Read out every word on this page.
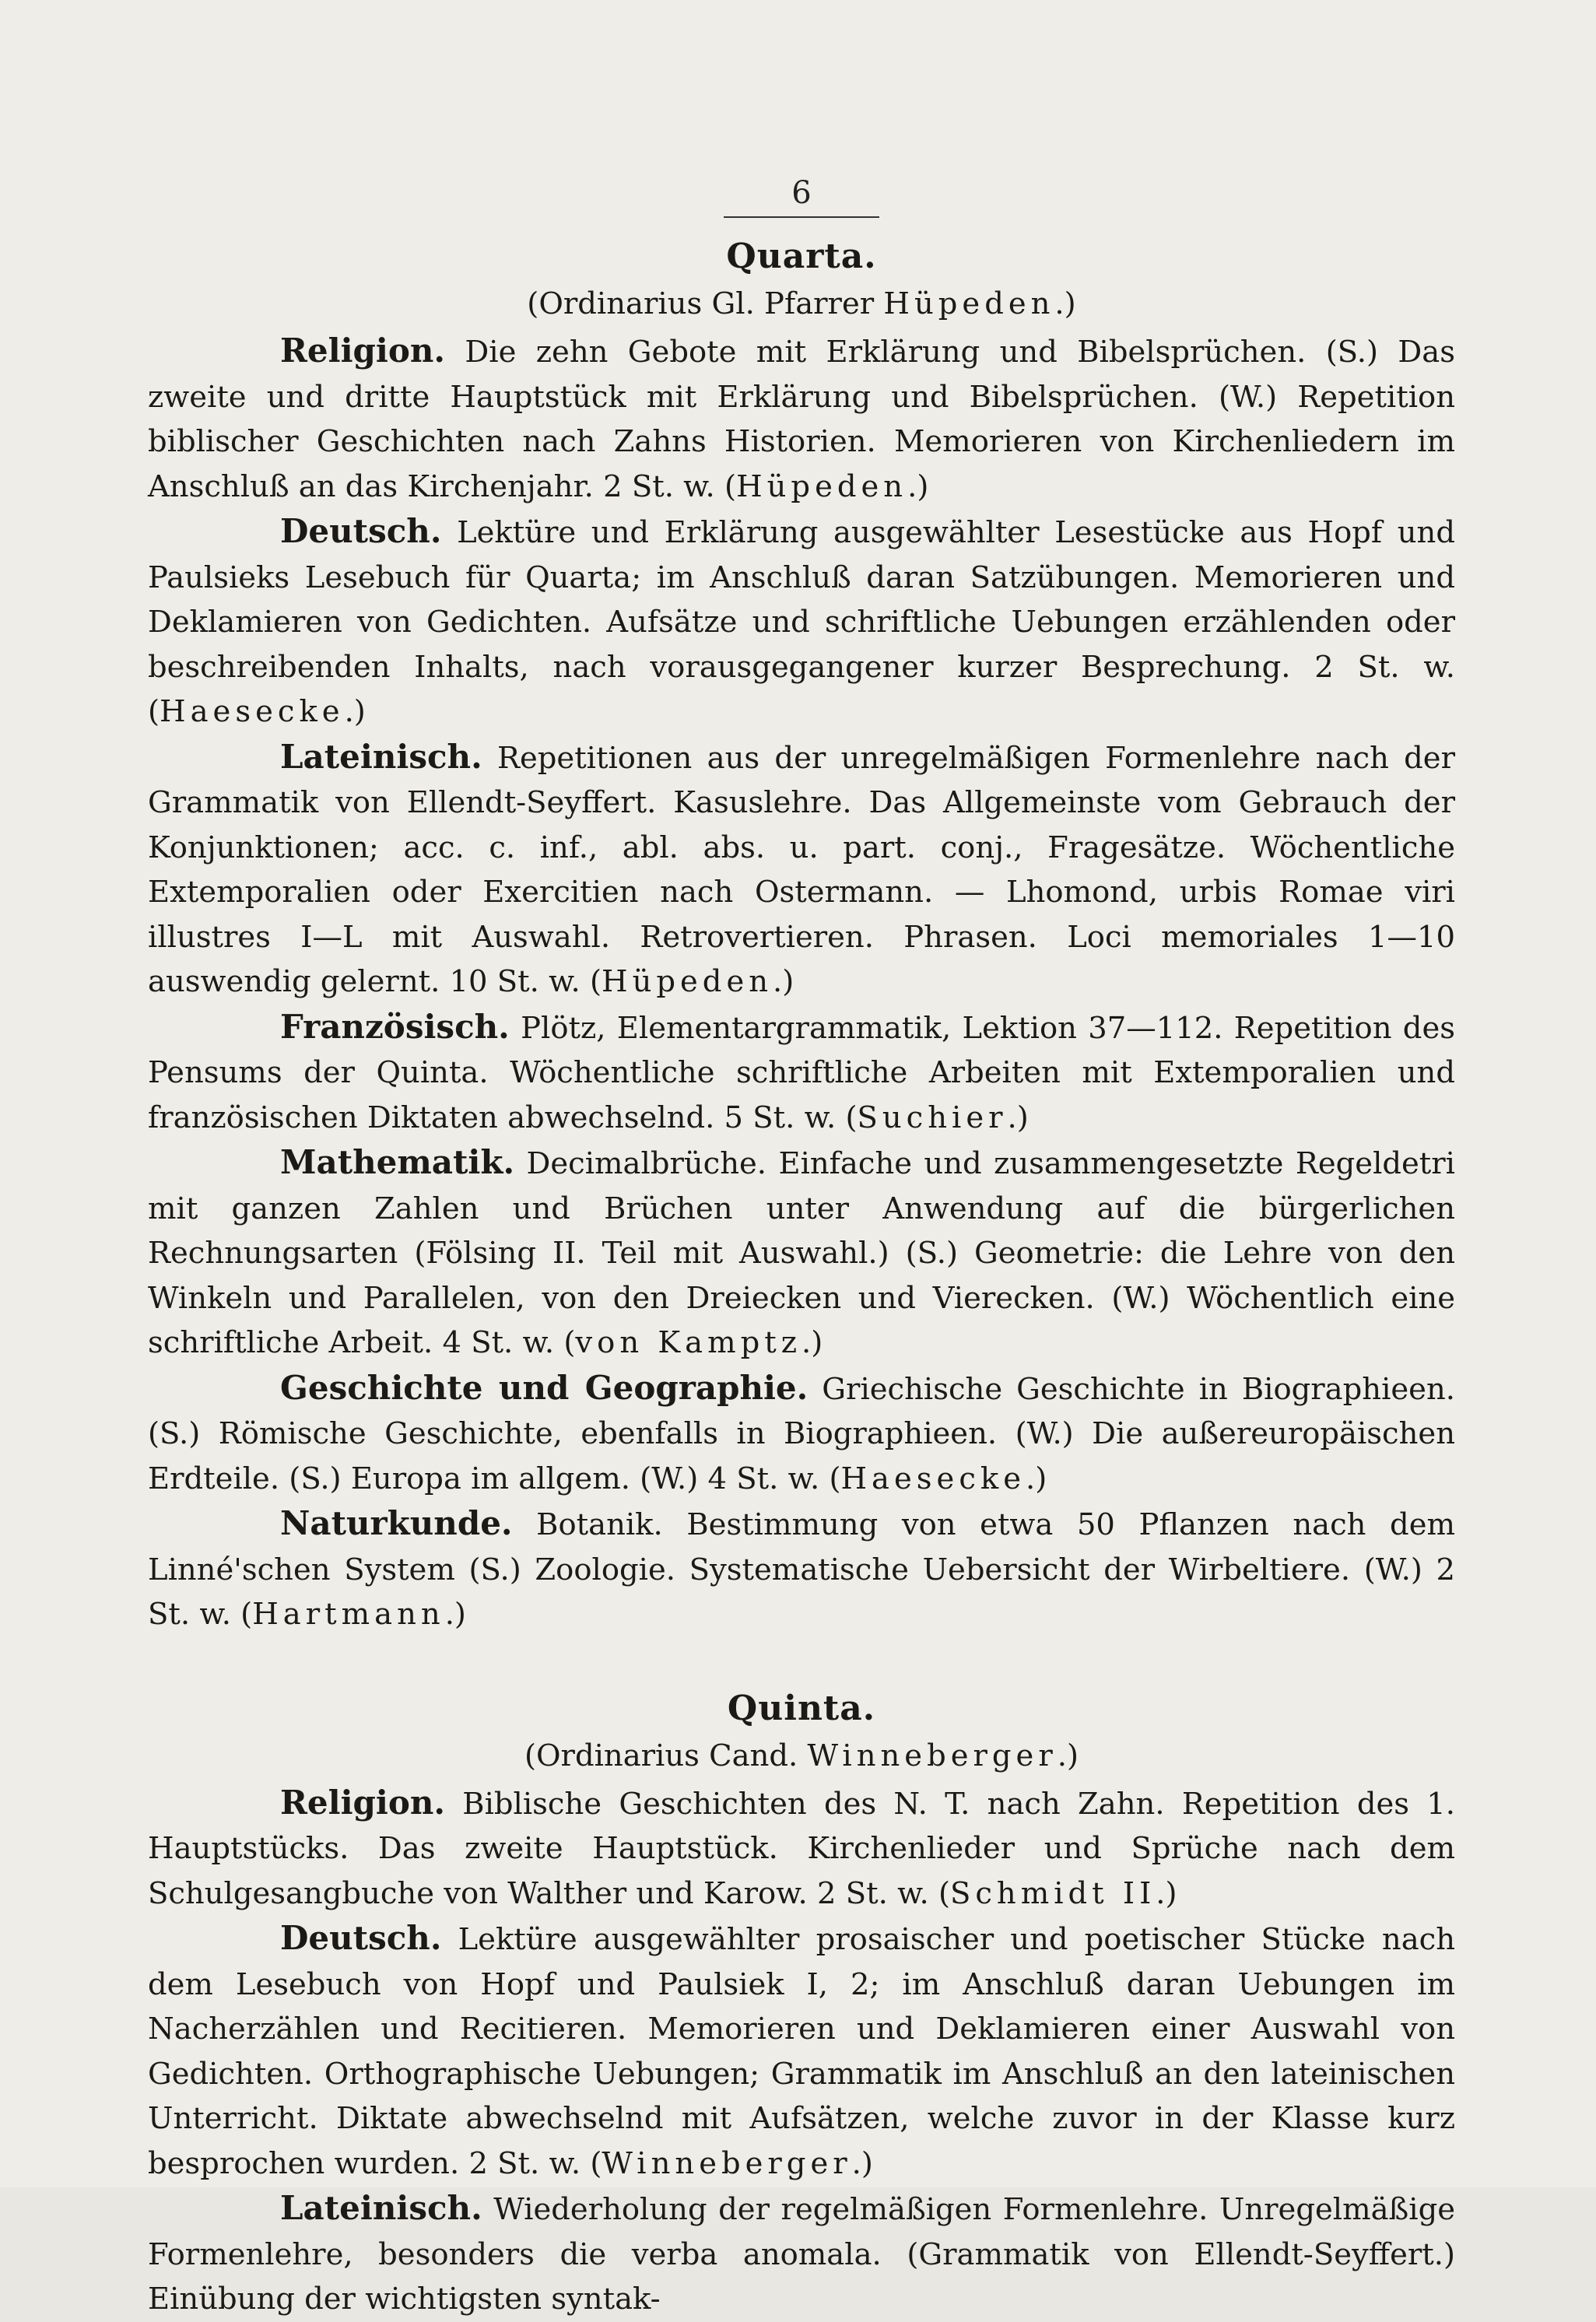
6
Quarta.
(Ordinarius Gl. Pfarrer Hüpeden.)

Religion. Die zehn Gebote mit Erklärung und Bibelsprüchen. (S.) Das zweite und dritte Hauptstück mit Erklärung und Bibelsprüchen. (W.) Repetition biblischer Geschichten nach Zahns Historien. Memorieren von Kirchenliedern im Anschluß an das Kirchenjahr. 2 St. w. (Hüpeden.)

Deutsch. Lektüre und Erklärung ausgewählter Lesestücke aus Hopf und Paulsieks Lesebuch für Quarta; im Anschluß daran Satzübungen. Memorieren und Deklamieren von Gedichten. Aufsätze und schriftliche Uebungen erzählenden oder beschreibenden Inhalts, nach vorausgegangener kurzer Besprechung. 2 St. w. (Haesecke.)

Lateinisch. Repetitionen aus der unregelmäßigen Formenlehre nach der Grammatik von Ellendt-Seyffert. Kasuslehre. Das Allgemeinste vom Gebrauch der Konjunktionen; acc. c. inf., abl. abs. u. part. conj., Fragesätze. Wöchentliche Extemporalien oder Exercitien nach Ostermann. — Lhomond, urbis Romae viri illustres I—L mit Auswahl. Retrovertieren. Phrasen. Loci memoriales 1—10 auswendig gelernt. 10 St. w. (Hüpeden.)

Französisch. Plötz, Elementargrammatik, Lektion 37—112. Repetition des Pensums der Quinta. Wöchentliche schriftliche Arbeiten mit Extemporalien und französischen Diktaten abwechselnd. 5 St. w. (Suchier.)

Mathematik. Decimalbrüche. Einfache und zusammengesetzte Regeldetri mit ganzen Zahlen und Brüchen unter Anwendung auf die bürgerlichen Rechnungsarten (Fölsing II. Teil mit Auswahl.) (S.) Geometrie: die Lehre von den Winkeln und Parallelen, von den Dreiecken und Vierecken. (W.) Wöchentlich eine schriftliche Arbeit. 4 St. w. (von Kamptz.)

Geschichte und Geographie. Griechische Geschichte in Biographieen. (S.) Römische Geschichte, ebenfalls in Biographieen. (W.) Die außereuropäischen Erdteile. (S.) Europa im allgem. (W.) 4 St. w. (Haesecke.)

Naturkunde. Botanik. Bestimmung von etwa 50 Pflanzen nach dem Linné'schen System (S.) Zoologie. Systematische Uebersicht der Wirbeltiere. (W.) 2 St. w. (Hartmann.)

Quinta.
(Ordinarius Cand. Winneberger.)

Religion. Biblische Geschichten des N. T. nach Zahn. Repetition des 1. Hauptstücks. Das zweite Hauptstück. Kirchenlieder und Sprüche nach dem Schulgesangbuche von Walther und Karow. 2 St. w. (Schmidt II.)

Deutsch. Lektüre ausgewählter prosaischer und poetischer Stücke nach dem Lesebuch von Hopf und Paulsiek I, 2; im Anschluß daran Uebungen im Nacherzählen und Recitieren. Memorieren und Deklamieren einer Auswahl von Gedichten. Orthographische Uebungen; Grammatik im Anschluß an den lateinischen Unterricht. Diktate abwechselnd mit Aufsätzen, welche zuvor in der Klasse kurz besprochen wurden. 2 St. w. (Winneberger.)

Lateinisch. Wiederholung der regelmäßigen Formenlehre. Unregelmäßige Formenlehre, besonders die verba anomala. (Grammatik von Ellendt-Seyffert.) Einübung der wichtigsten syntak-
